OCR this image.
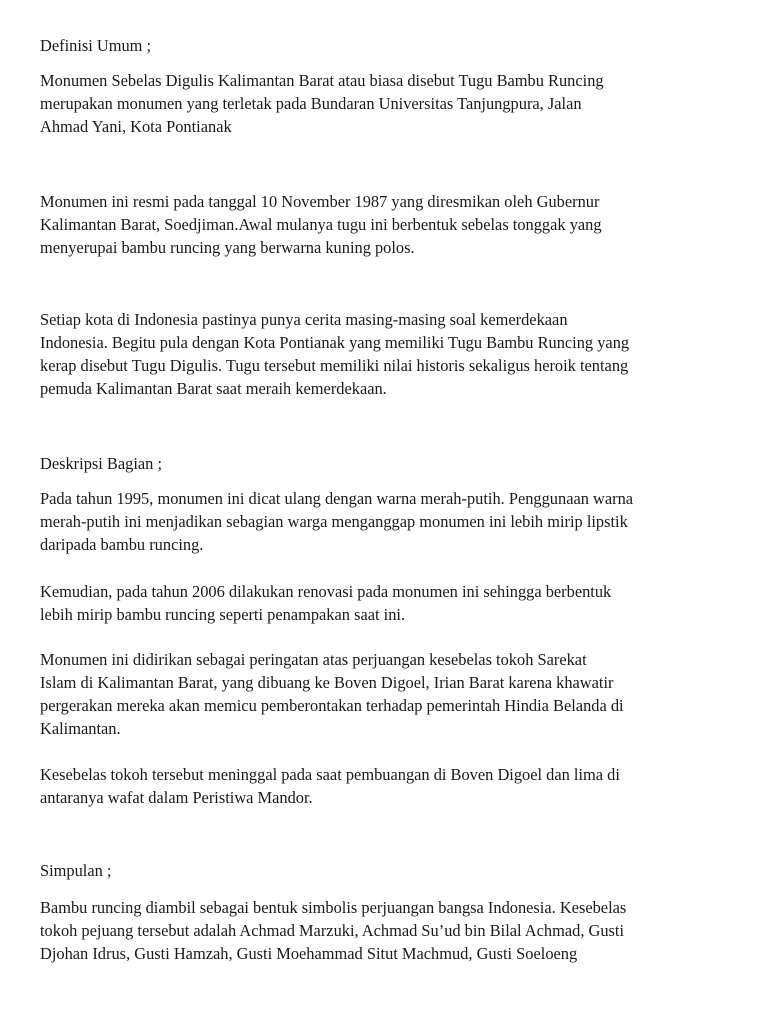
Definisi Umum ;

Monumen Sebelas Digulis Kalimantan Barat atau biasa disebut Tugu Bambu Runcing
merupakan monumen yang terletak pada Bundaran Universitas Tanjungpura, Jalan
Ahmad Yani, Kota Pontianak

Monumen ini resmi pada tanggal 10 November 1987 yang diresmikan oleh Gubernur
Kalimantan Barat, Soedjiman.Awal mulanya tugu ini berbentuk sebelas tonggak yang
menyerupai bambu runcing yang berwarna kuning polos.

Setiap kota di Indonesia pastinya punya cerita masing-masing soal kemerdekaan
Indonesia. Begitu pula dengan Kota Pontianak yang memiliki Tugu Bambu Runcing yang
kerap disebut Tugu Digulis. Tugu tersebut memiliki nilai historis sekaligus heroik tentang
pemuda Kalimantan Barat saat meraih kemerdekaan.

Deskripsi Bagian ;

Pada tahun 1995, monumen ini dicat ulang dengan warna merah-putih. Penggunaan warna
merah-putih ini menjadikan sebagian warga menganggap monumen ini lebih mirip lipstik
daripada bambu runcing.

Kemudian, pada tahun 2006 dilakukan renovasi pada monumen ini sehingga berbentuk
lebih mirip bambu runcing seperti penampakan saat ini.

Monumen ini didirikan sebagai peringatan atas perjuangan kesebelas tokoh Sarekat
Islam di Kalimantan Barat, yang dibuang ke Boven Digoel, Irian Barat karena khawatir
pergerakan mereka akan memicu pemberontakan terhadap pemerintah Hindia Belanda di
Kalimantan.

Kesebelas tokoh tersebut meninggal pada saat pembuangan di Boven Digoel dan lima di
antaranya wafat dalam Peristiwa Mandor.

Simpulan ;

Bambu runcing diambil sebagai bentuk simbolis perjuangan bangsa Indonesia. Kesebelas
tokoh pejuang tersebut adalah Achmad Marzuki, Achmad Su’ud bin Bilal Achmad, Gusti
Djohan Idrus, Gusti Hamzah, Gusti Moehammad Situt Machmud, Gusti Soeloeng
